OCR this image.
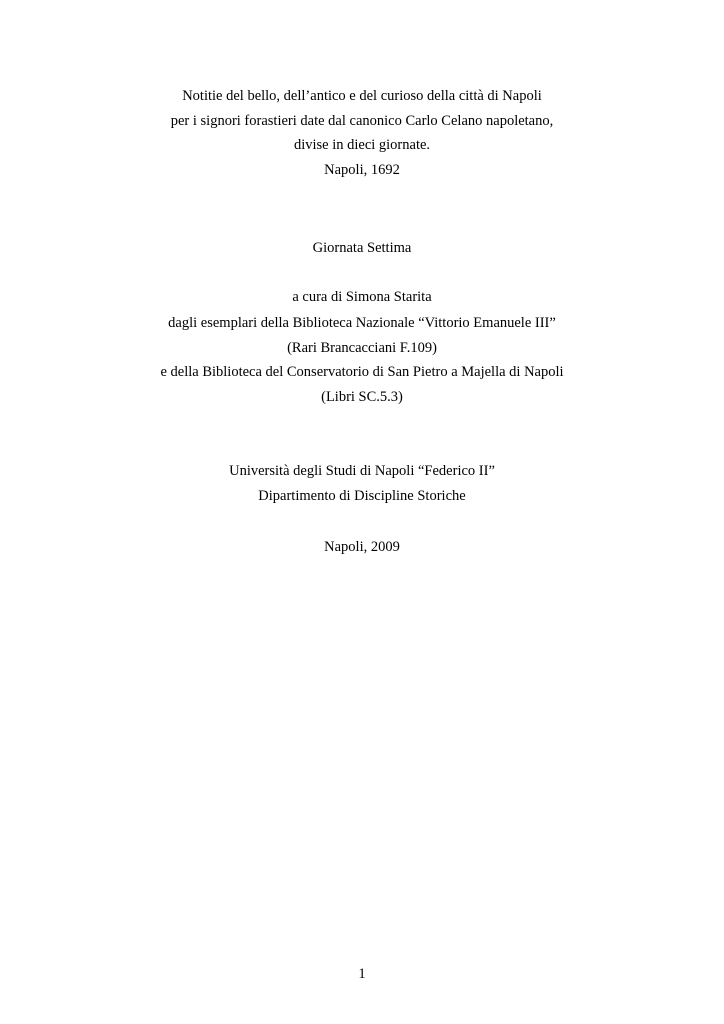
Notitie del bello, dell’antico e del curioso della città di Napoli
per i signori forastieri date dal canonico Carlo Celano napoletano,
divise in dieci giornate.
Napoli, 1692
Giornata Settima
a cura di Simona Starita
dagli esemplari della Biblioteca Nazionale “Vittorio Emanuele III”
(Rari Brancacciani F.109)
e della Biblioteca del Conservatorio di San Pietro a Majella di Napoli
(Libri SC.5.3)
Università degli Studi di Napoli “Federico II”
Dipartimento di Discipline Storiche
Napoli, 2009
1
